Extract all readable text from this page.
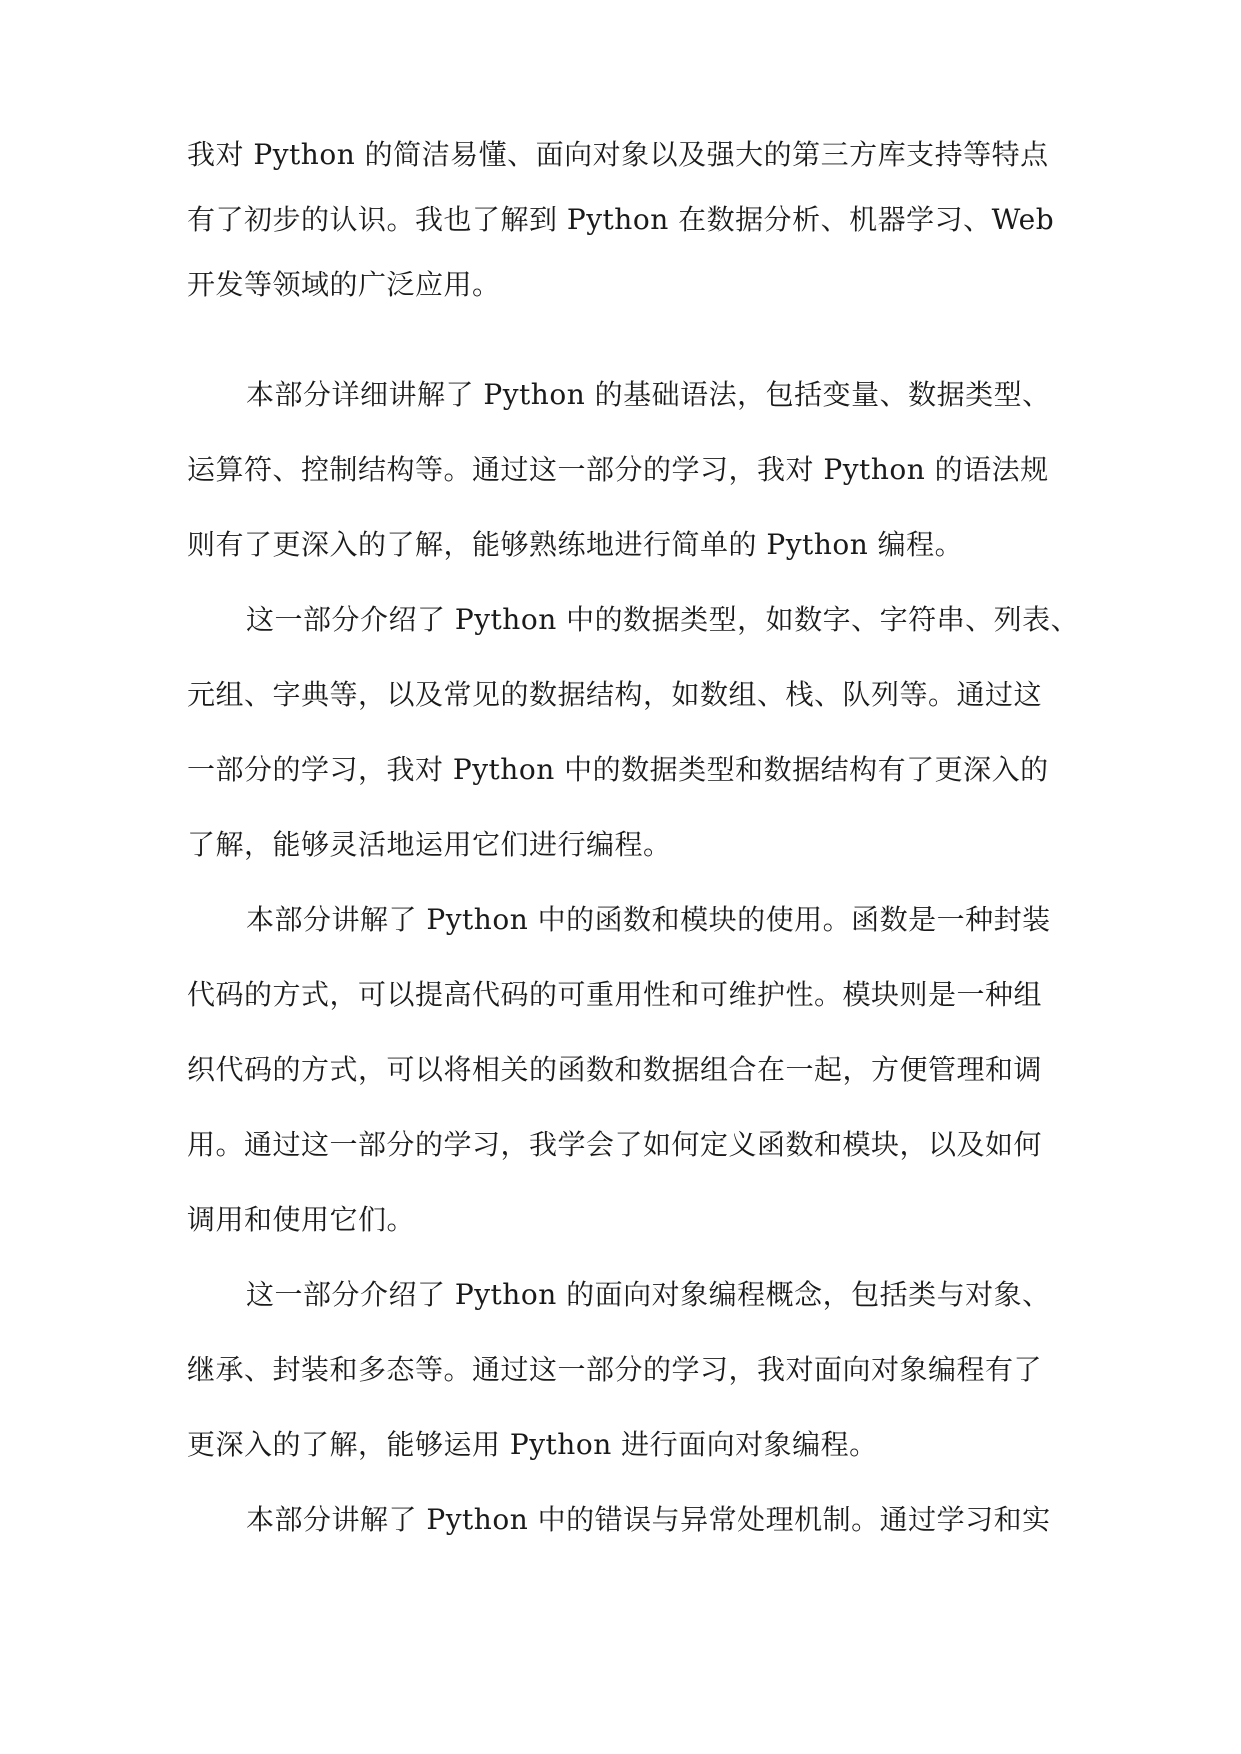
我对 Python 的简洁易懂、面向对象以及强大的第三方库支持等特点
有了初步的认识。我也了解到 Python 在数据分析、机器学习、Web
开发等领域的广泛应用。
本部分详细讲解了 Python 的基础语法，包括变量、数据类型、
运算符、控制结构等。通过这一部分的学习，我对 Python 的语法规
则有了更深入的了解，能够熟练地进行简单的 Python 编程。
这一部分介绍了 Python 中的数据类型，如数字、字符串、列表、
元组、字典等，以及常见的数据结构，如数组、栈、队列等。通过这
一部分的学习，我对 Python 中的数据类型和数据结构有了更深入的
了解，能够灵活地运用它们进行编程。
本部分讲解了 Python 中的函数和模块的使用。函数是一种封装
代码的方式，可以提高代码的可重用性和可维护性。模块则是一种组
织代码的方式，可以将相关的函数和数据组合在一起，方便管理和调
用。通过这一部分的学习，我学会了如何定义函数和模块，以及如何
调用和使用它们。
这一部分介绍了 Python 的面向对象编程概念，包括类与对象、
继承、封装和多态等。通过这一部分的学习，我对面向对象编程有了
更深入的了解，能够运用 Python 进行面向对象编程。
本部分讲解了 Python 中的错误与异常处理机制。通过学习和实
